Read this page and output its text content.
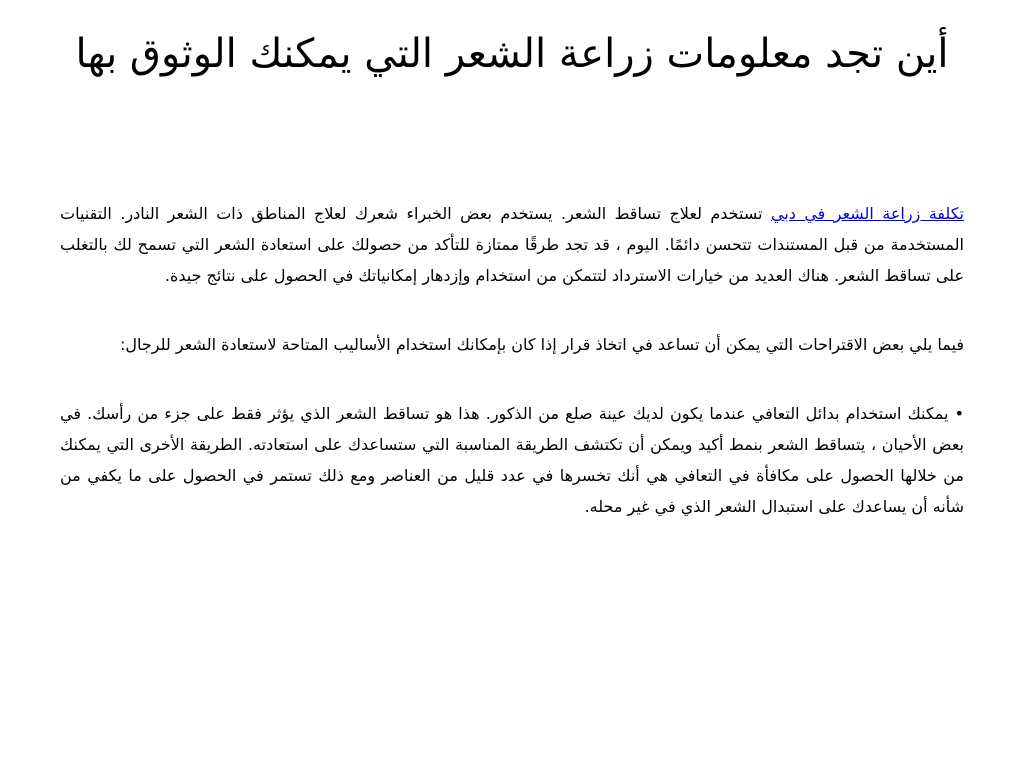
أين تجد معلومات زراعة الشعر التي يمكنك الوثوق بها

تكلفة زراعة الشعر في دبي تستخدم لعلاج تساقط الشعر. يستخدم بعض الخبراء شعرك لعلاج المناطق ذات الشعر النادر. التقنيات المستخدمة من قبل المستندات تتحسن دائمًا. اليوم ، قد تجد طرقًا ممتازة للتأكد من حصولك على استعادة الشعر التي تسمح لك بالتغلب على تساقط الشعر. هناك العديد من خيارات الاسترداد لتتمكن من استخدام وإزدهار إمكانياتك في الحصول على نتائج جيدة.

فيما يلي بعض الاقتراحات التي يمكن أن تساعد في اتخاذ قرار إذا كان بإمكانك استخدام الأساليب المتاحة لاستعادة الشعر للرجال:

• يمكنك استخدام بدائل التعافي عندما يكون لديك عينة صلع من الذكور. هذا هو تساقط الشعر الذي يؤثر فقط على جزء من رأسك. في بعض الأحيان ، يتساقط الشعر بنمط أكيد ويمكن أن تكتشف الطريقة المناسبة التي ستساعدك على استعادته. الطريقة الأخرى التي يمكنك من خلالها الحصول على مكافأة في التعافي هي أنك تخسرها في عدد قليل من العناصر ومع ذلك تستمر في الحصول على ما يكفي من شأنه أن يساعدك على استبدال الشعر الذي في غير محله.
